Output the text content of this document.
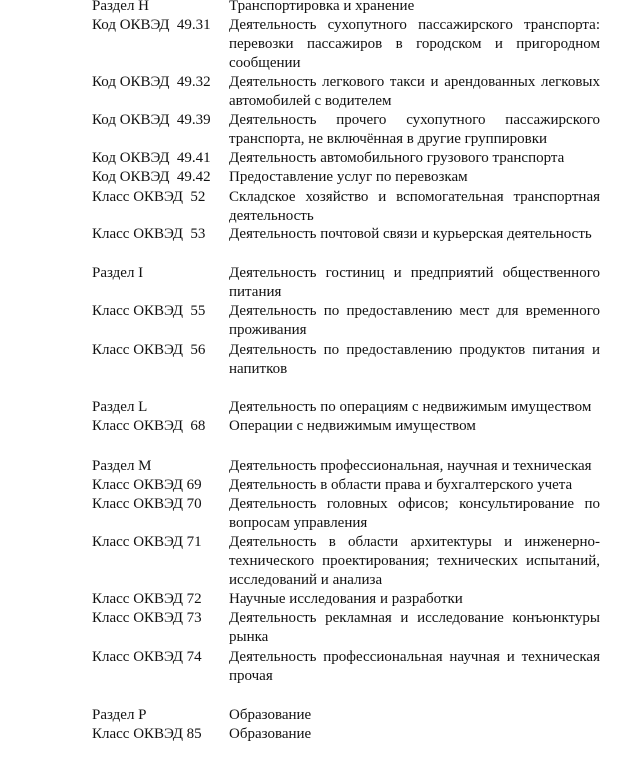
Раздел H	Транспортировка и хранение
Код ОКВЭД  49.31 Деятельность сухопутного пассажирского транспорта:
перевозки пассажиров в городском и пригородном
сообщении
Код ОКВЭД  49.32 Деятельность легкового такси и арендованных легковых
автомобилей с водителем
Код ОКВЭД  49.39 Деятельность прочего сухопутного пассажирского
транспорта, не включённая в другие группировки
Код ОКВЭД  49.41 Деятельность автомобильного грузового транспорта
Код ОКВЭД  49.42 Предоставление услуг по перевозкам
Класс ОКВЭД  52 Складское хозяйство и вспомогательная транспортная
деятельность
Класс ОКВЭД  53 Деятельность почтовой связи и курьерская деятельность
Раздел I	Деятельность гостиниц и предприятий общественного
питания
Класс ОКВЭД  55 Деятельность по предоставлению мест для временного
проживания
Класс ОКВЭД  56 Деятельность по предоставлению продуктов питания и
напитков
Раздел L	Деятельность по операциям с недвижимым имуществом
Класс ОКВЭД  68 Операции с недвижимым имуществом
Раздел M	Деятельность профессиональная, научная и техническая
Класс ОКВЭД 69 Деятельность в области права и бухгалтерского учета
Класс ОКВЭД 70 Деятельность головных офисов; консультирование по
вопросам управления
Класс ОКВЭД 71 Деятельность в области архитектуры и инженерно-
технического проектирования; технических испытаний,
исследований и анализа
Класс ОКВЭД 72 Научные исследования и разработки
Класс ОКВЭД 73 Деятельность рекламная и исследование конъюнктуры
рынка
Класс ОКВЭД 74 Деятельность профессиональная научная и техническая
прочая
Раздел P	Образование
Класс ОКВЭД 85 Образование
